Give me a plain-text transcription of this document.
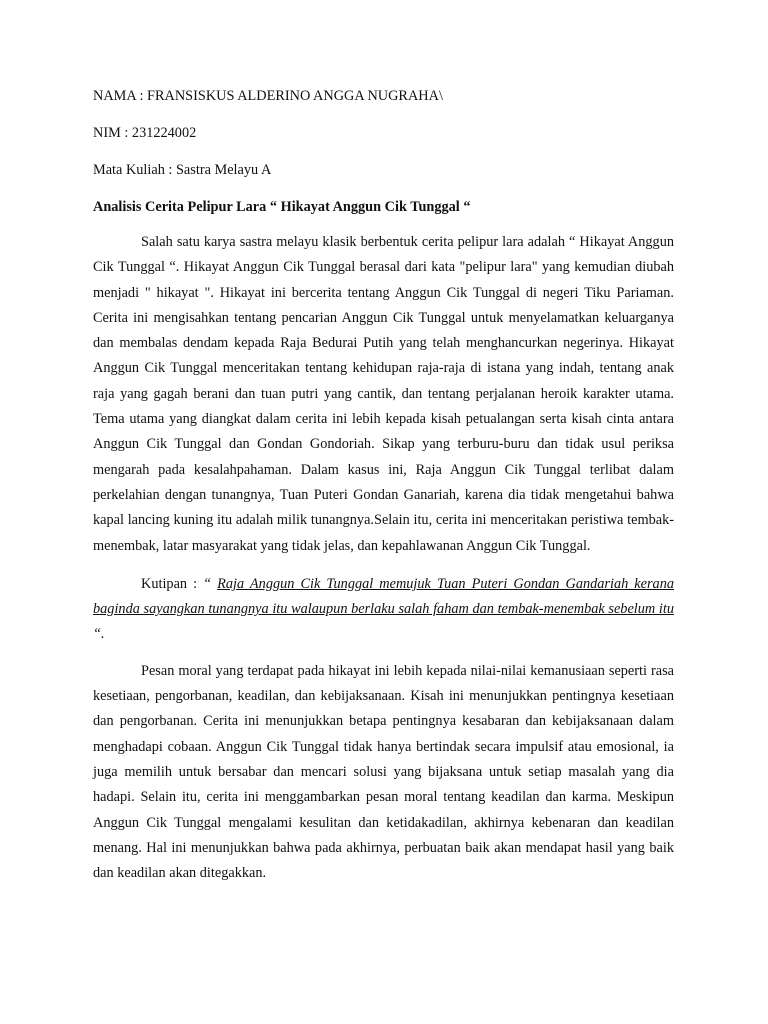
NAMA : FRANSISKUS ALDERINO ANGGA NUGRAHA\

NIM : 231224002

Mata Kuliah : Sastra Melayu A

Analisis Cerita Pelipur Lara “ Hikayat Anggun Cik Tunggal “

Salah satu karya sastra melayu klasik berbentuk cerita pelipur lara adalah “ Hikayat Anggun Cik Tunggal “. Hikayat Anggun Cik Tunggal berasal dari kata "pelipur lara" yang kemudian diubah menjadi " hikayat ". Hikayat ini bercerita tentang Anggun Cik Tunggal di negeri Tiku Pariaman. Cerita ini mengisahkan tentang pencarian Anggun Cik Tunggal untuk menyelamatkan keluarganya dan membalas dendam kepada Raja Bedurai Putih yang telah menghancurkan negerinya. Hikayat Anggun Cik Tunggal menceritakan tentang kehidupan raja-raja di istana yang indah, tentang anak raja yang gagah berani dan tuan putri yang cantik, dan tentang perjalanan heroik karakter utama. Tema utama yang diangkat dalam cerita ini lebih kepada kisah petualangan serta kisah cinta antara Anggun Cik Tunggal dan Gondan Gondoriah. Sikap yang terburu-buru dan tidak usul periksa mengarah pada kesalahpahaman. Dalam kasus ini, Raja Anggun Cik Tunggal terlibat dalam perkelahian dengan tunangnya, Tuan Puteri Gondan Ganariah, karena dia tidak mengetahui bahwa kapal lancing kuning itu adalah milik tunangnya.Selain itu, cerita ini menceritakan peristiwa tembak-menembak, latar masyarakat yang tidak jelas, dan kepahlawanan Anggun Cik Tunggal.

Kutipan : “ Raja Anggun Cik Tunggal memujuk Tuan Puteri Gondan Gandariah kerana baginda sayangkan tunangnya itu walaupun berlaku salah faham dan tembak-menembak sebelum itu “.

Pesan moral yang terdapat pada hikayat ini lebih kepada nilai-nilai kemanusiaan seperti rasa kesetiaan, pengorbanan, keadilan, dan kebijaksanaan. Kisah ini menunjukkan pentingnya kesetiaan dan pengorbanan. Cerita ini menunjukkan betapa pentingnya kesabaran dan kebijaksanaan dalam menghadapi cobaan. Anggun Cik Tunggal tidak hanya bertindak secara impulsif atau emosional, ia juga memilih untuk bersabar dan mencari solusi yang bijaksana untuk setiap masalah yang dia hadapi. Selain itu, cerita ini menggambarkan pesan moral tentang keadilan dan karma. Meskipun Anggun Cik Tunggal mengalami kesulitan dan ketidakadilan, akhirnya kebenaran dan keadilan menang. Hal ini menunjukkan bahwa pada akhirnya, perbuatan baik akan mendapat hasil yang baik dan keadilan akan ditegakkan.
